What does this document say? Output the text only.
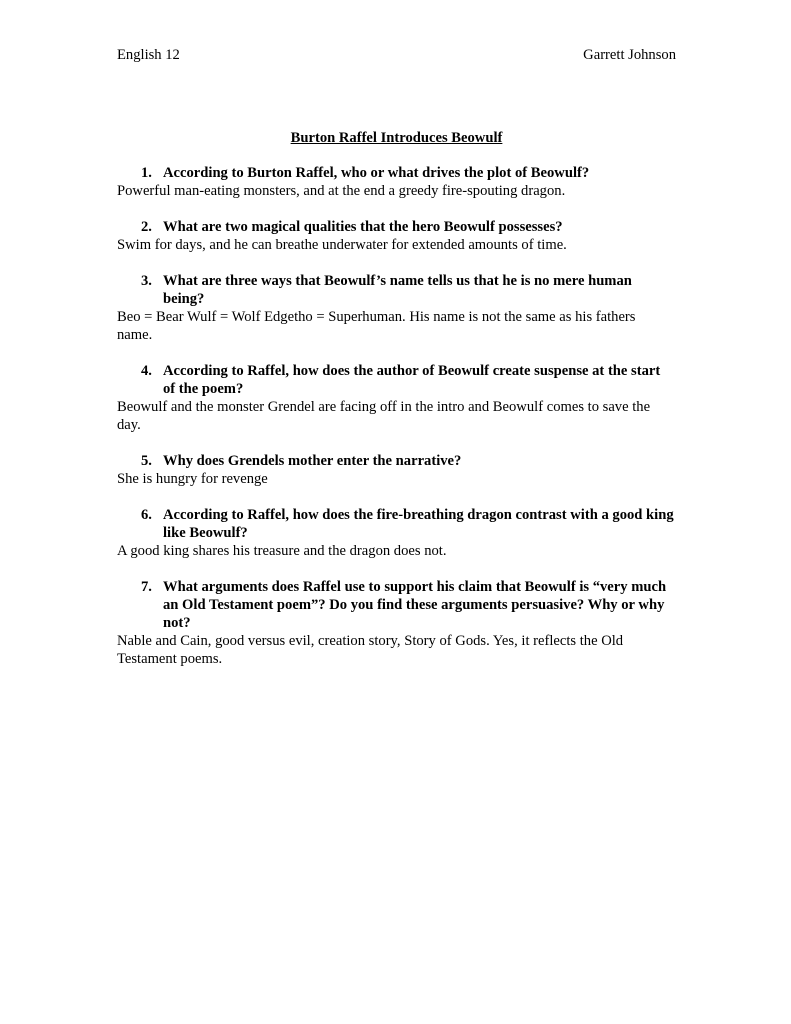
English 12	Garrett Johnson
Burton Raffel Introduces Beowulf
1. According to Burton Raffel, who or what drives the plot of Beowulf?
Powerful man-eating monsters, and at the end a greedy fire-spouting dragon.
2. What are two magical qualities that the hero Beowulf possesses?
Swim for days, and he can breathe underwater for extended amounts of time.
3. What are three ways that Beowulf’s name tells us that he is no mere human being?
Beo = Bear Wulf = Wolf Edgetho = Superhuman. His name is not the same as his fathers name.
4. According to Raffel, how does the author of Beowulf create suspense at the start of the poem?
Beowulf and the monster Grendel are facing off in the intro and Beowulf comes to save the day.
5. Why does Grendels mother enter the narrative?
She is hungry for revenge
6. According to Raffel, how does the fire-breathing dragon contrast with a good king like Beowulf?
A good king shares his treasure and the dragon does not.
7. What arguments does Raffel use to support his claim that Beowulf is “very much an Old Testament poem”? Do you find these arguments persuasive? Why or why not?
Nable and Cain, good versus evil, creation story, Story of Gods. Yes, it reflects the Old Testament poems.
